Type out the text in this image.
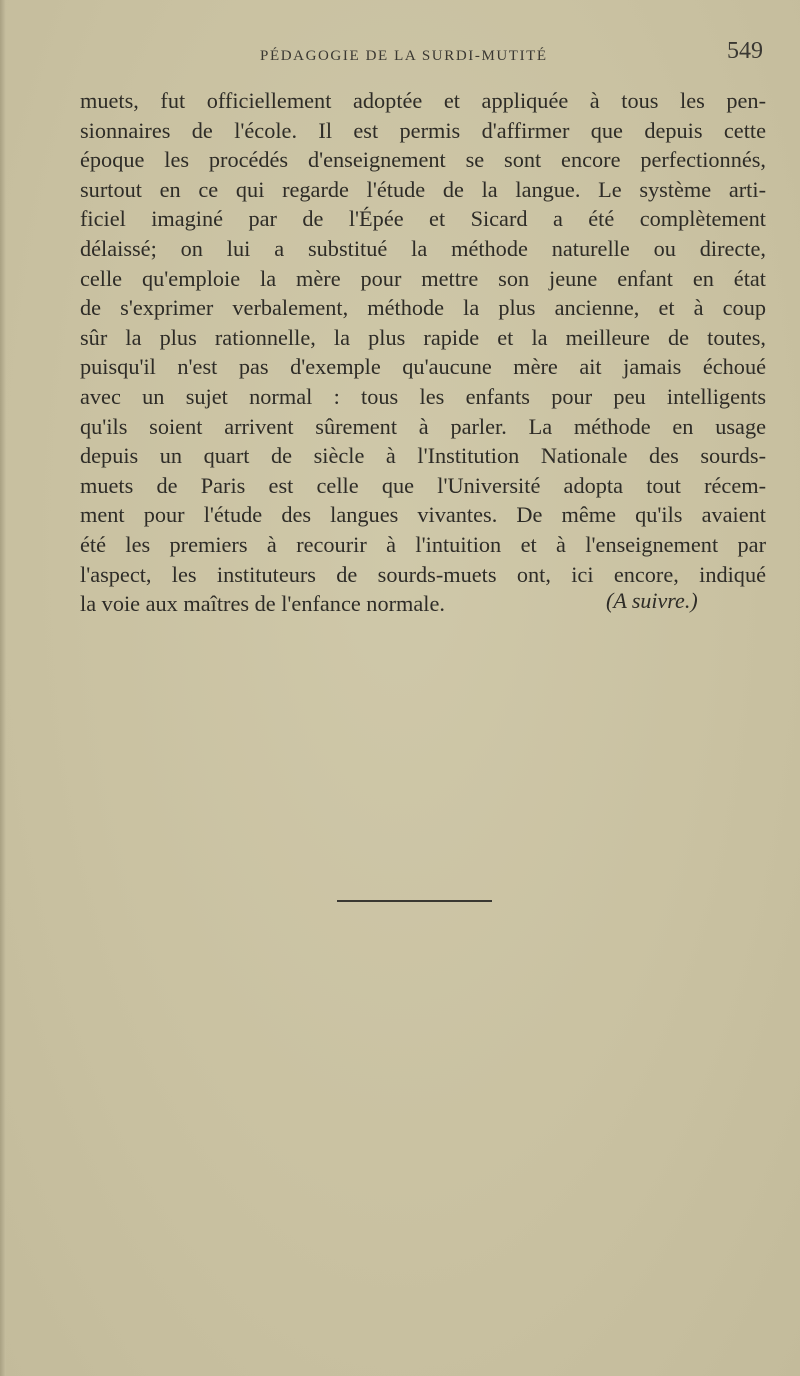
PÉDAGOGIE DE LA SURDI-MUTITÉ	549
muets, fut officiellement adoptée et appliquée à tous les pen-
sionnaires de l'école. Il est permis d'affirmer que depuis cette
époque les procédés d'enseignement se sont encore perfectionnés,
surtout en ce qui regarde l'étude de la langue. Le système arti-
ficiel imaginé par de l'Épée et Sicard a été complètement
délaissé; on lui a substitué la méthode naturelle ou directe,
celle qu'emploie la mère pour mettre son jeune enfant en état
de s'exprimer verbalement, méthode la plus ancienne, et à coup
sûr la plus rationnelle, la plus rapide et la meilleure de toutes,
puisqu'il n'est pas d'exemple qu'aucune mère ait jamais échoué
avec un sujet normal : tous les enfants pour peu intelligents
qu'ils soient arrivent sûrement à parler. La méthode en usage
depuis un quart de siècle à l'Institution Nationale des sourds-
muets de Paris est celle que l'Université adopta tout récem-
ment pour l'étude des langues vivantes. De même qu'ils avaient
été les premiers à recourir à l'intuition et à l'enseignement par
l'aspect, les instituteurs de sourds-muets ont, ici encore, indiqué
la voie aux maîtres de l'enfance normale.	(A suivre.)
